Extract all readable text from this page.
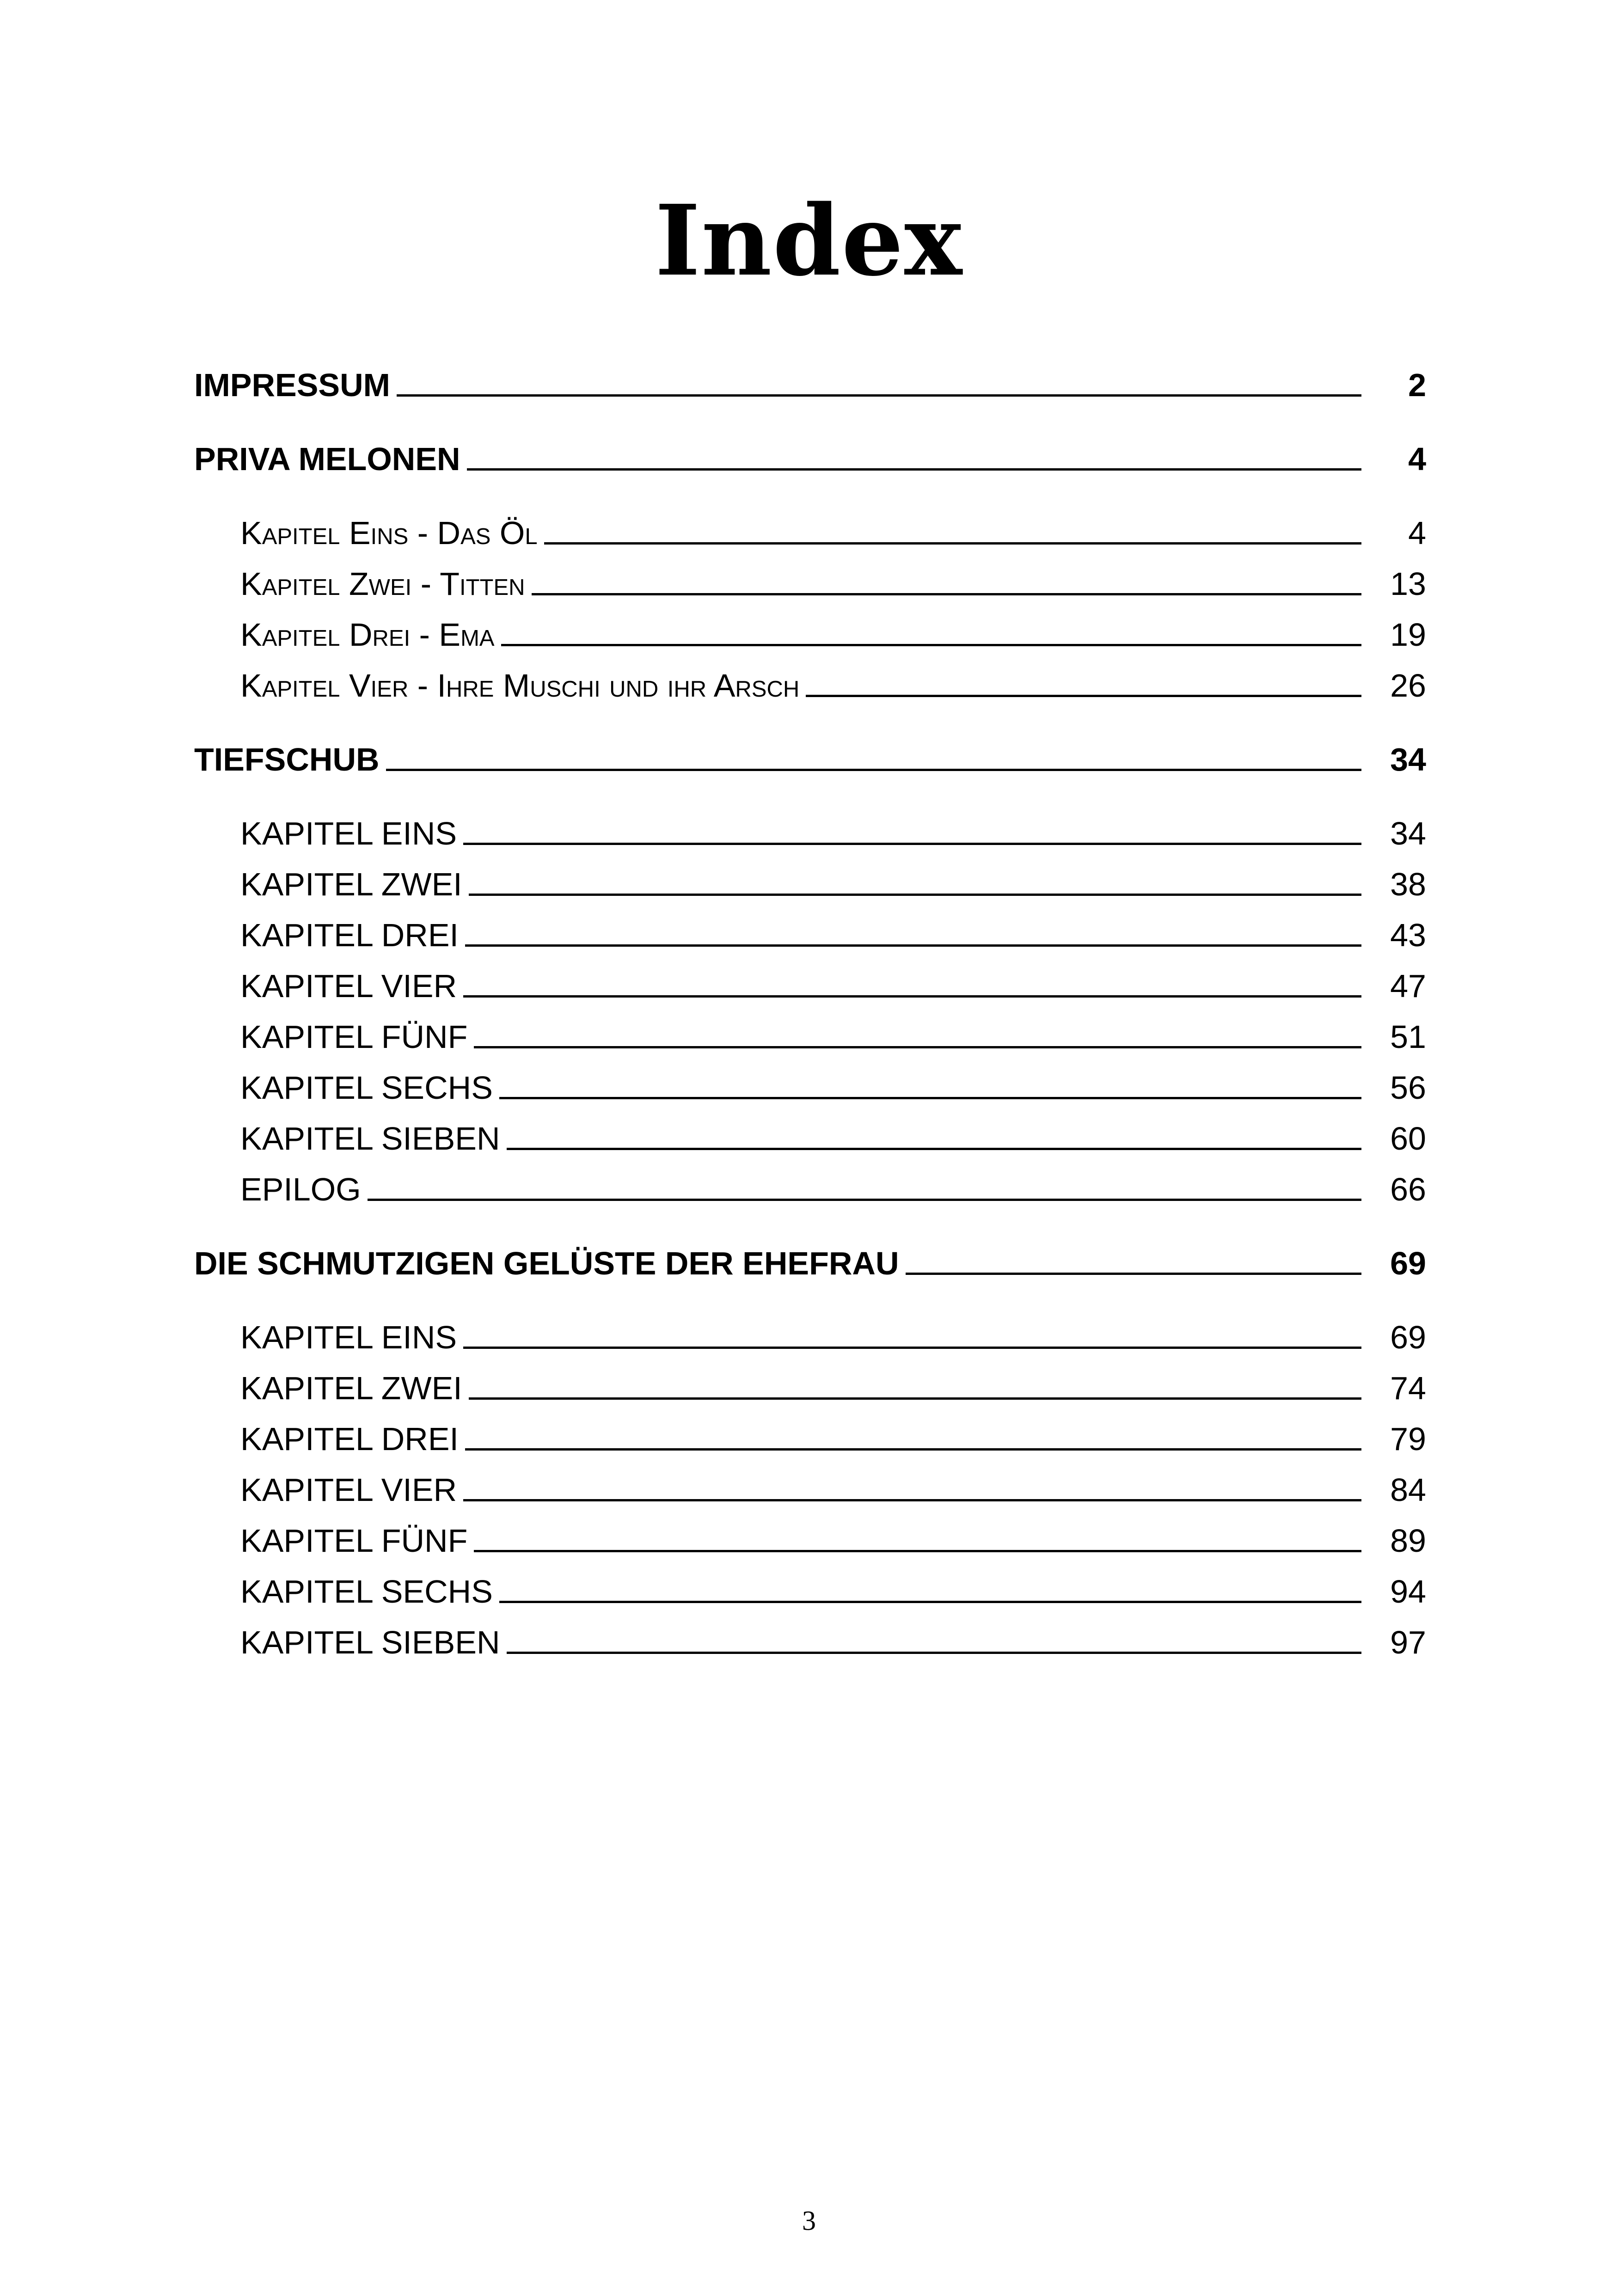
Index
IMPRESSUM	2
PRIVA MELONEN	4
Kapitel Eins - Das Öl	4
Kapitel Zwei - Titten	13
Kapitel Drei - Ema	19
Kapitel Vier - Ihre Muschi und ihr Arsch	26
TIEFSCHUB	34
KAPITEL EINS	34
KAPITEL ZWEI	38
KAPITEL DREI	43
KAPITEL VIER	47
KAPITEL FÜNF	51
KAPITEL SECHS	56
KAPITEL SIEBEN	60
EPILOG	66
DIE SCHMUTZIGEN GELÜSTE DER EHEFRAU	69
KAPITEL EINS	69
KAPITEL ZWEI	74
KAPITEL DREI	79
KAPITEL VIER	84
KAPITEL FÜNF	89
KAPITEL SECHS	94
KAPITEL SIEBEN	97
3
